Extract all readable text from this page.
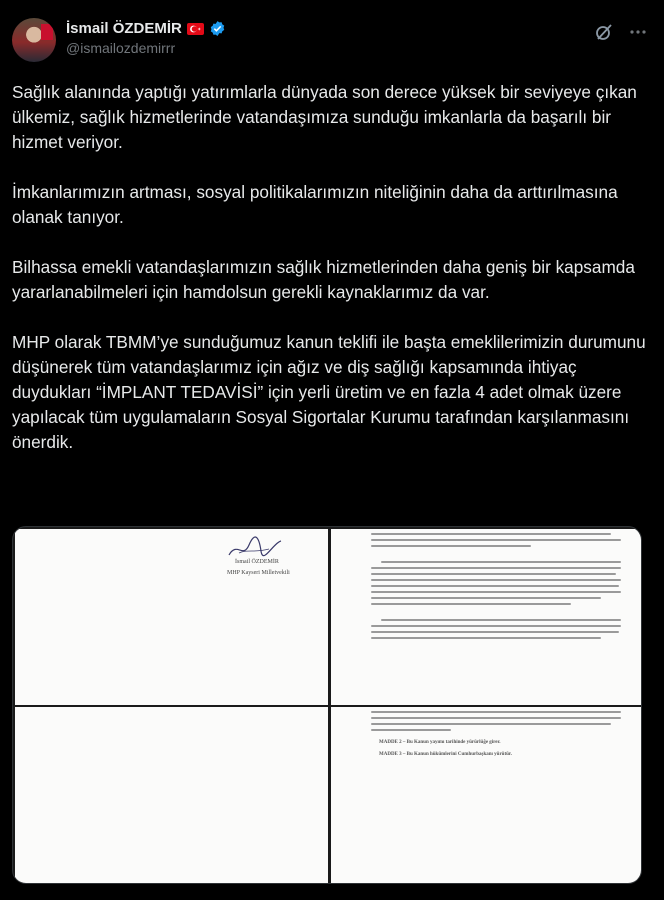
İsmail ÖZDEMİR
@ismailozdemirrr

Sağlık alanında yaptığı yatırımlarla dünyada son derece yüksek bir seviyeye çıkan ülkemiz, sağlık hizmetlerinde vatandaşımıza sunduğu imkanlarla da başarılı bir hizmet veriyor.

İmkanlarımızın artması, sosyal politikalarımızın niteliğinin daha da arttırılmasına olanak tanıyor.

Bilhassa emekli vatandaşlarımızın sağlık hizmetlerinden daha geniş bir kapsamda yararlanabilmeleri için hamdolsun gerekli kaynaklarımız da var.

MHP olarak TBMM’ye sunduğumuz kanun teklifi ile başta emeklilerimizin durumunu düşünerek tüm vatandaşlarımız için ağız ve diş sağlığı kapsamında ihtiyaç duydukları “İMPLANT TEDAVİSİ” için yerli üretim ve en fazla 4 adet olmak üzere yapılacak tüm uygulamaların Sosyal Sigortalar Kurumu tarafından karşılanmasını önerdik.

İsmail ÖZDEMİR
MHP Kayseri Milletvekili
MADDE 2 – Bu Kanun yayımı tarihinde yürürlüğe girer.
MADDE 3 – Bu Kanun hükümlerini Cumhurbaşkanı yürütür.
